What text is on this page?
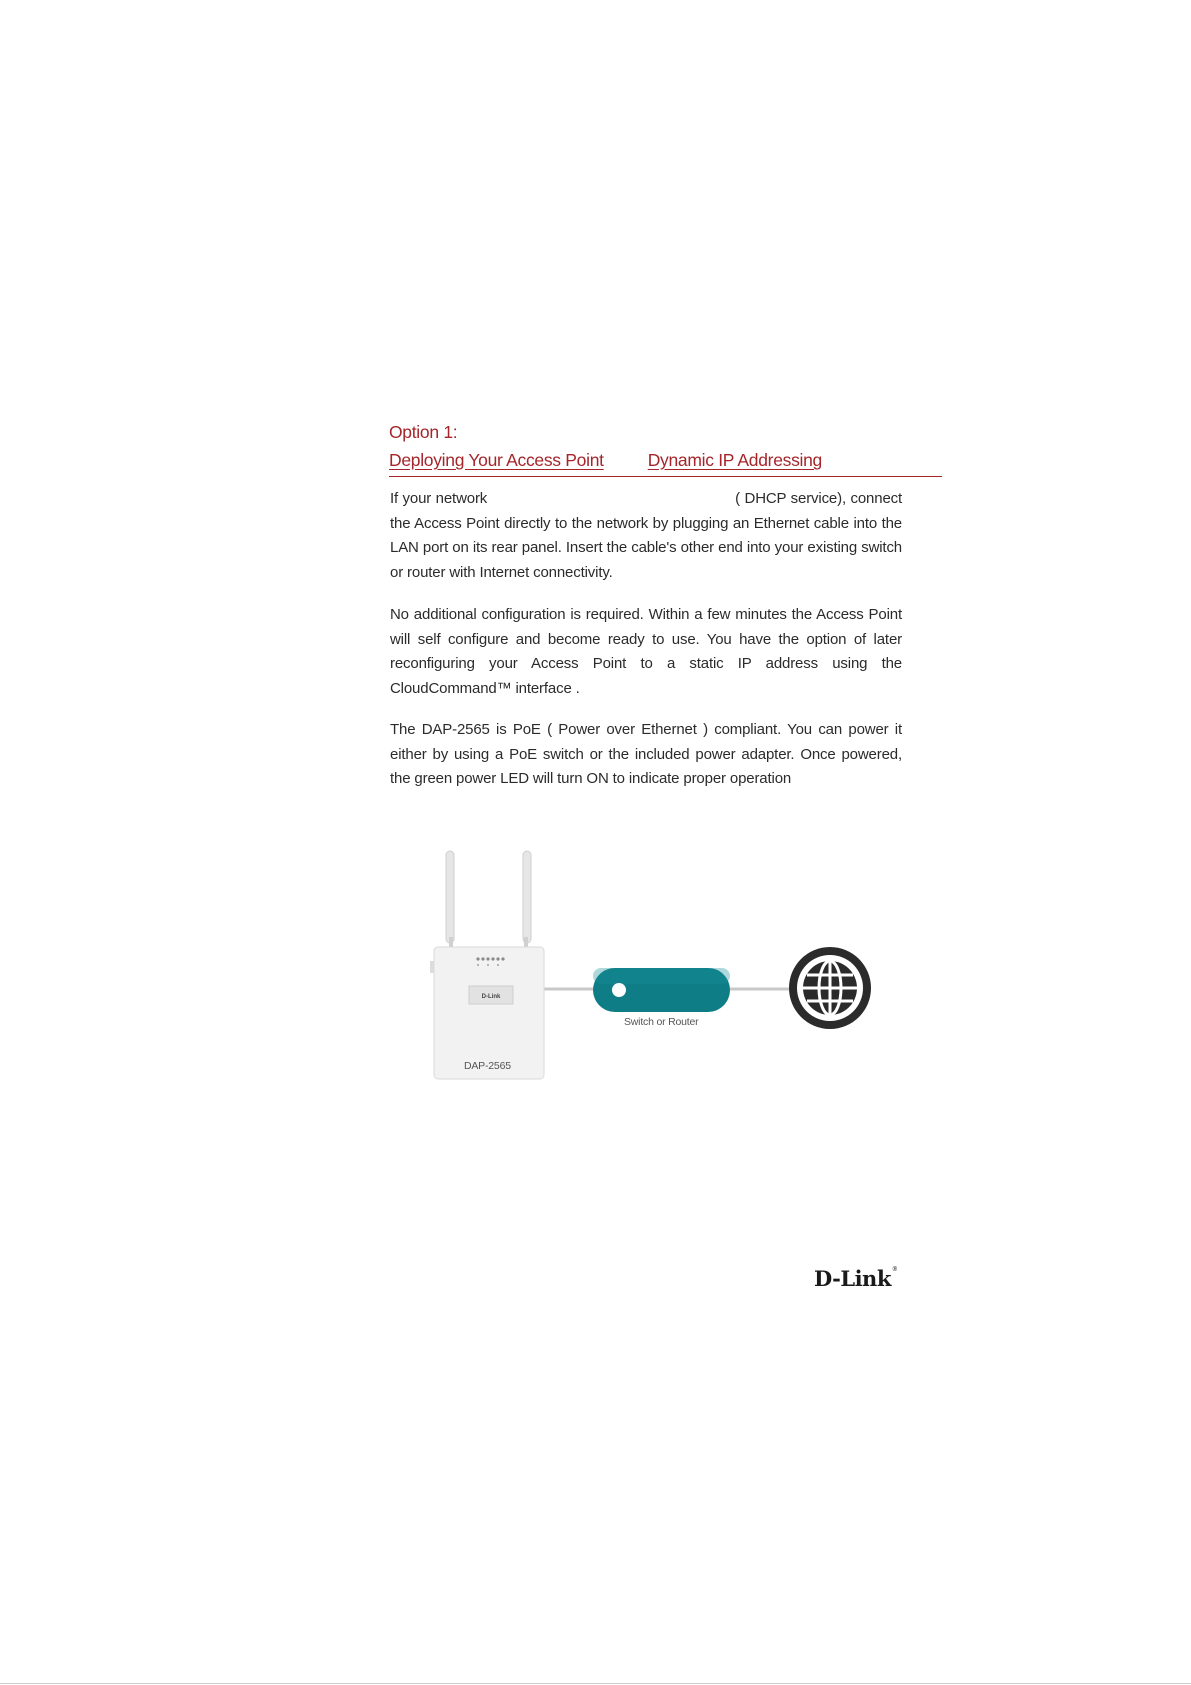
Option 1:
Deploying Your Access Point	Dynamic IP Addressing
If your network	( DHCP service), connect the Access Point directly to the network by plugging an Ethernet cable into the LAN port on its rear panel. Insert the cable's other end into your existing switch or router with Internet connectivity.
No additional configuration is required. Within a few minutes the Access Point will self configure and become ready to use. You have the option of later reconfiguring your Access Point to a static IP address using the CloudCommand™ interface .
The DAP-2565 is PoE ( Power over Ethernet ) compliant. You can power it either by using a PoE switch or the included power adapter. Once powered, the green power LED will turn ON to indicate proper operation
D-Link
Switch or Router
DAP-2565
D-Link®
